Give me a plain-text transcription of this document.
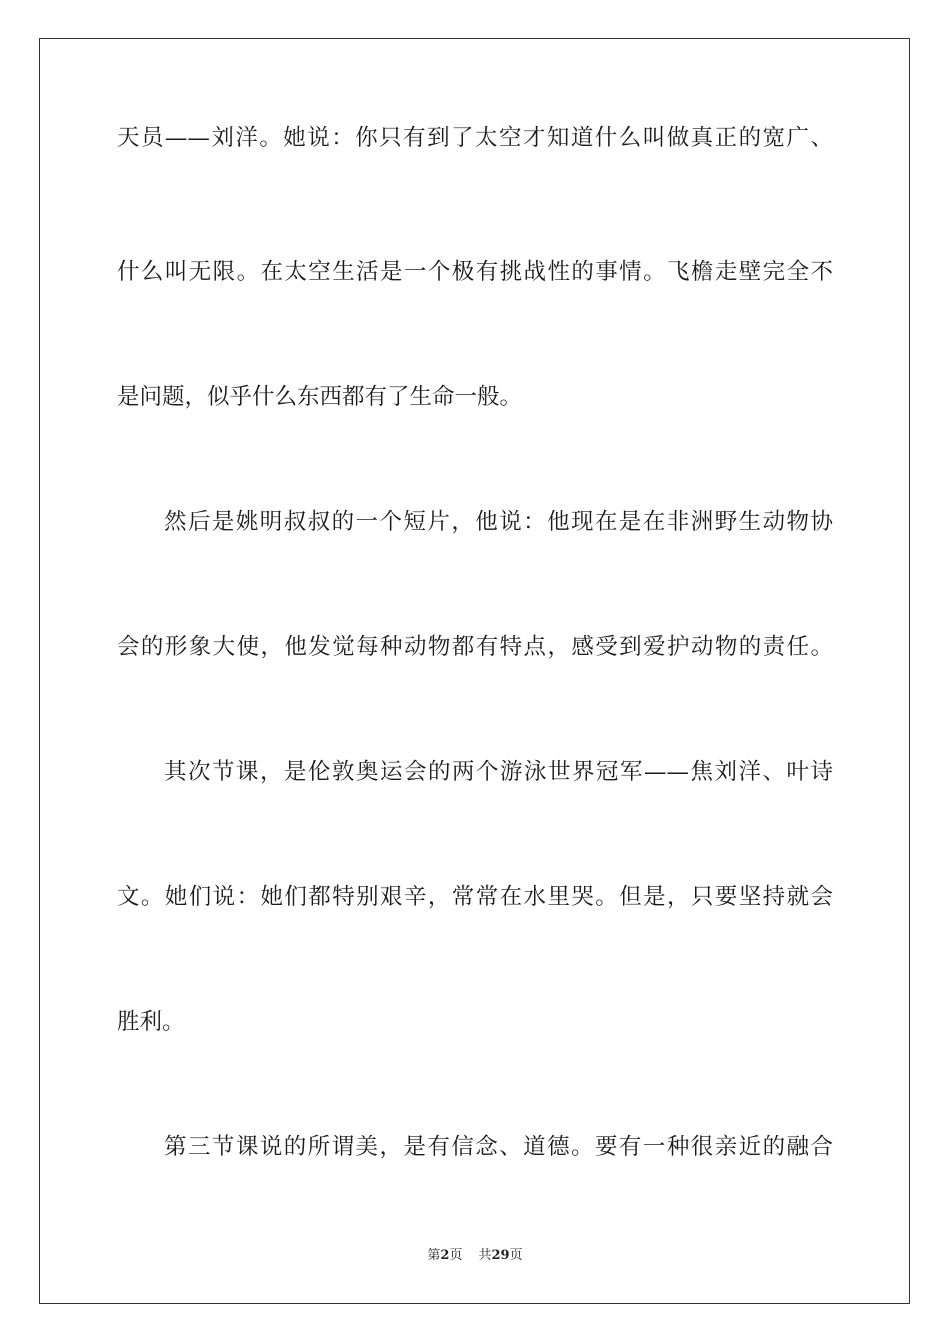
天员——刘洋。她说：你只有到了太空才知道什么叫做真正的宽广、
什么叫无限。在太空生活是一个极有挑战性的事情。飞檐走壁完全不
是问题，似乎什么东西都有了生命一般。
然后是姚明叔叔的一个短片，他说：他现在是在非洲野生动物协
会的形象大使，他发觉每种动物都有特点，感受到爱护动物的责任。
其次节课，是伦敦奥运会的两个游泳世界冠军——焦刘洋、叶诗
文。她们说：她们都特别艰辛，常常在水里哭。但是，只要坚持就会
胜利。
第三节课说的所谓美，是有信念、道德。要有一种很亲近的融合
第2页 共29页
